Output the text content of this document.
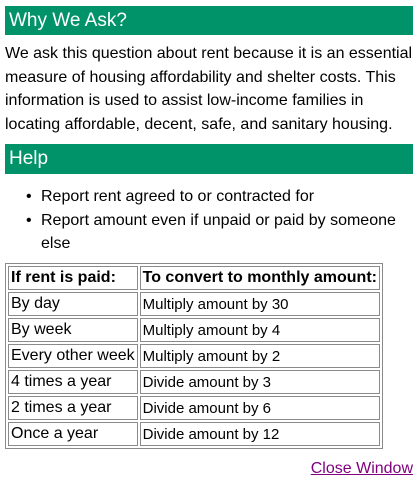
Why We Ask?
We ask this question about rent because it is an essential measure of housing affordability and shelter costs. This information is used to assist low-income families in locating affordable, decent, safe, and sanitary housing.
Help
• Report rent agreed to or contracted for
• Report amount even if unpaid or paid by someone else
If rent is paid:	To convert to monthly amount:
By day	Multiply amount by 30
By week	Multiply amount by 4
Every other week	Multiply amount by 2
4 times a year	Divide amount by 3
2 times a year	Divide amount by 6
Once a year	Divide amount by 12
Close Window
